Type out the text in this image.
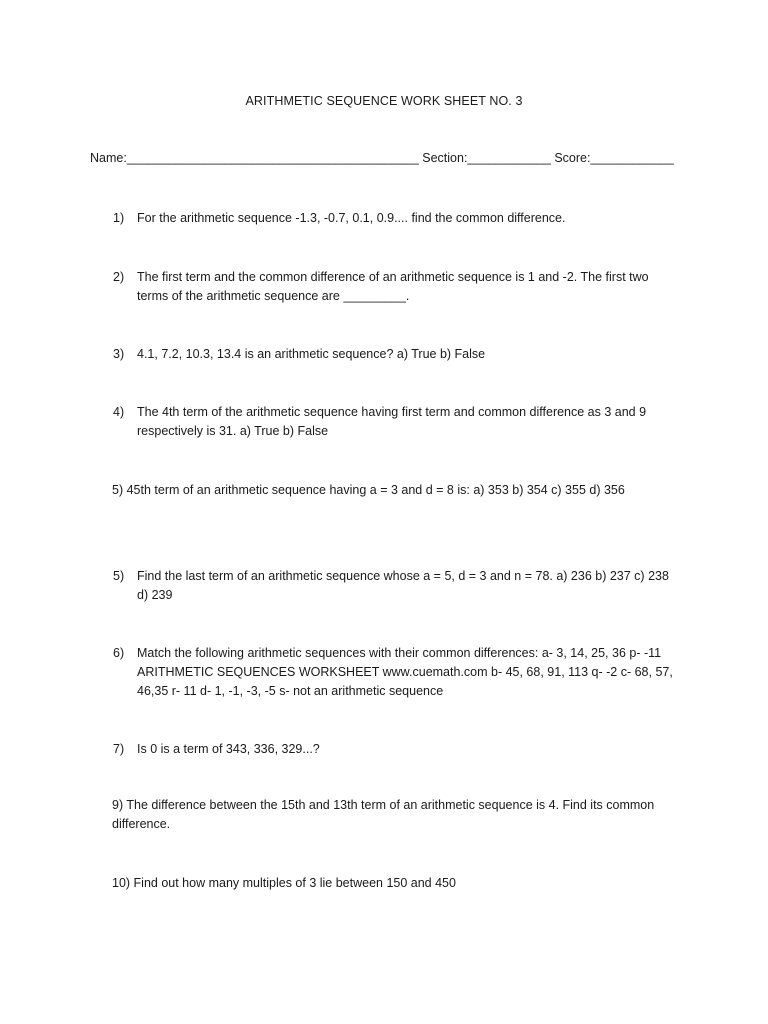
ARITHMETIC SEQUENCE WORK SHEET NO. 3
Name:__________________________________________ Section:____________ Score:____________
1) For the arithmetic sequence -1.3, -0.7, 0.1, 0.9.... find the common difference.
2) The first term and the common difference of an arithmetic sequence is 1 and -2. The first two terms of the arithmetic sequence are _________.
3) 4.1, 7.2, 10.3, 13.4 is an arithmetic sequence? a) True b) False
4) The 4th term of the arithmetic sequence having first term and common difference as 3 and 9 respectively is 31. a) True b) False
5) 45th term of an arithmetic sequence having a = 3 and d = 8 is: a) 353 b) 354 c) 355 d) 356
5) Find the last term of an arithmetic sequence whose a = 5, d = 3 and n = 78. a) 236 b) 237 c) 238 d) 239
6) Match the following arithmetic sequences with their common differences: a- 3, 14, 25, 36 p- -11 ARITHMETIC SEQUENCES WORKSHEET www.cuemath.com b- 45, 68, 91, 113 q- -2 c- 68, 57, 46,35 r- 11 d- 1, -1, -3, -5 s- not an arithmetic sequence
7) Is 0 is a term of 343, 336, 329...?
9) The difference between the 15th and 13th term of an arithmetic sequence is 4. Find its common difference.
10) Find out how many multiples of 3 lie between 150 and 450
